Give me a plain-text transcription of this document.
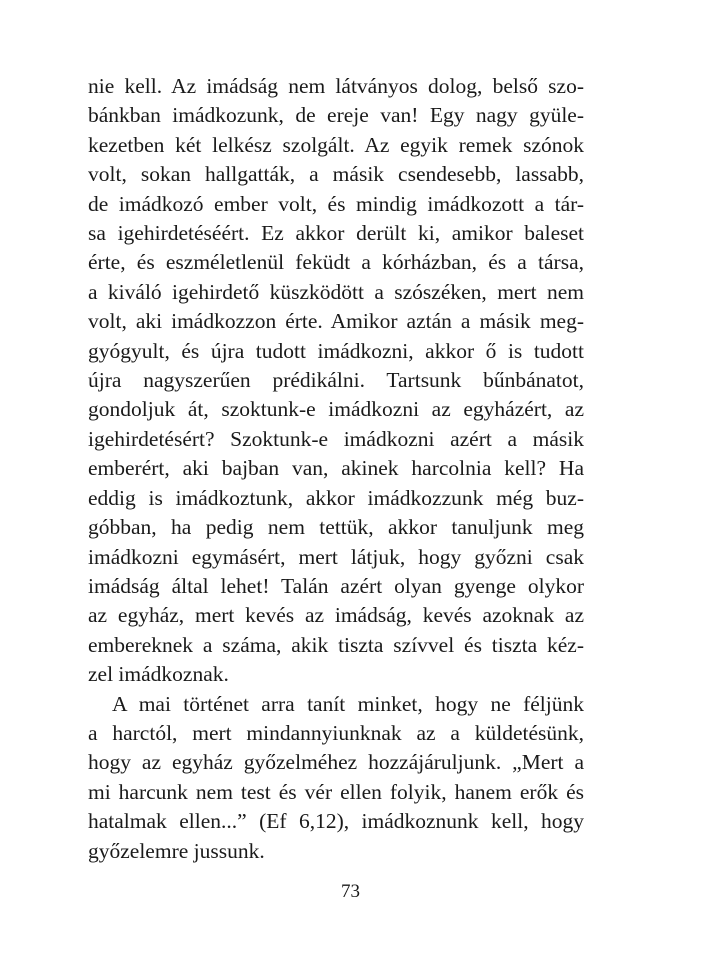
nie kell. Az imádság nem látványos dolog, belső szo-
bánkban imádkozunk, de ereje van! Egy nagy gyüle-
kezetben két lelkész szolgált. Az egyik remek szónok
volt, sokan hallgatták, a másik csendesebb, lassabb,
de imádkozó ember volt, és mindig imádkozott a tár-
sa igehirdetéséért. Ez akkor derült ki, amikor baleset
érte, és eszméletlenül feküdt a kórházban, és a társa,
a kiváló igehirdető küszködött a szószéken, mert nem
volt, aki imádkozzon érte. Amikor aztán a másik meg-
gyógyult, és újra tudott imádkozni, akkor ő is tudott
újra nagyszerűen prédikálni. Tartsunk bűnbánatot,
gondoljuk át, szoktunk-e imádkozni az egyházért, az
igehirdetésért? Szoktunk-e imádkozni azért a másik
emberért, aki bajban van, akinek harcolnia kell? Ha
eddig is imádkoztunk, akkor imádkozzunk még buz-
góbban, ha pedig nem tettük, akkor tanuljunk meg
imádkozni egymásért, mert látjuk, hogy győzni csak
imádság által lehet! Talán azért olyan gyenge olykor
az egyház, mert kevés az imádság, kevés azoknak az
embereknek a száma, akik tiszta szívvel és tiszta kéz-
zel imádkoznak.
A mai történet arra tanít minket, hogy ne féljünk
a harctól, mert mindannyiunknak az a küldetésünk,
hogy az egyház győzelméhez hozzájáruljunk. „Mert a
mi harcunk nem test és vér ellen folyik, hanem erők és
hatalmak ellen...” (Ef 6,12), imádkoznunk kell, hogy
győzelemre jussunk.
73
